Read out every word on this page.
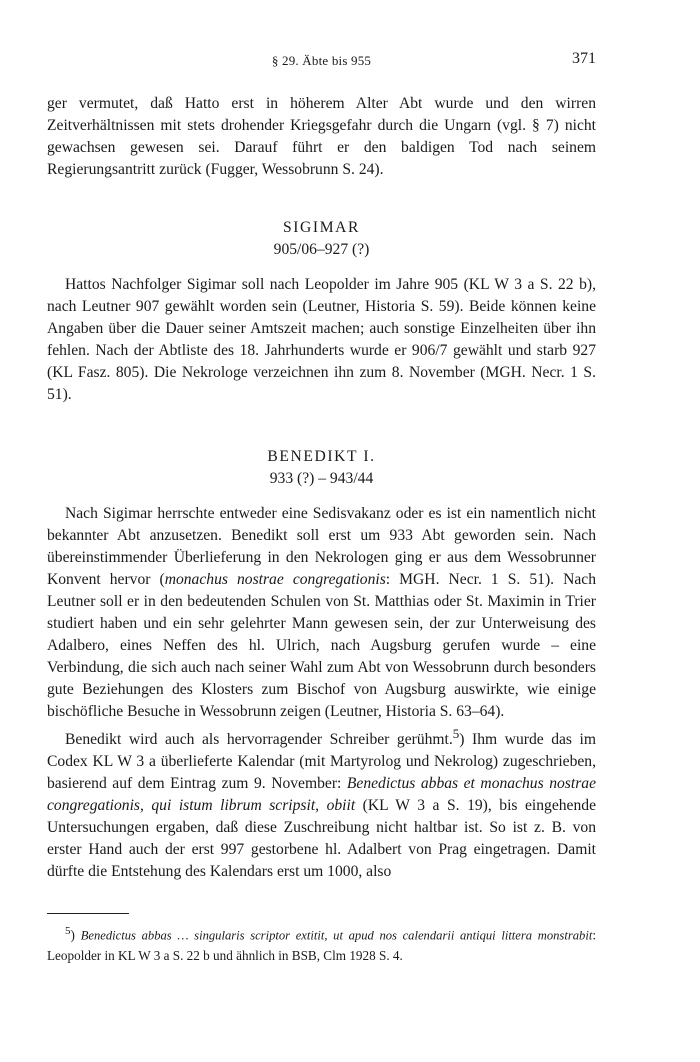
§ 29. Äbte bis 955	371

ger vermutet, daß Hatto erst in höherem Alter Abt wurde und den wirren Zeitverhältnissen mit stets drohender Kriegsgefahr durch die Ungarn (vgl. § 7) nicht gewachsen gewesen sei. Darauf führt er den baldigen Tod nach seinem Regierungsantritt zurück (Fugger, Wessobrunn S. 24).

SIGIMAR
905/06–927 (?)

Hattos Nachfolger Sigimar soll nach Leopolder im Jahre 905 (KL W 3 a S. 22 b), nach Leutner 907 gewählt worden sein (Leutner, Historia S. 59). Beide können keine Angaben über die Dauer seiner Amtszeit machen; auch sonstige Einzelheiten über ihn fehlen. Nach der Abtliste des 18. Jahrhunderts wurde er 906/7 gewählt und starb 927 (KL Fasz. 805). Die Nekrologe verzeichnen ihn zum 8. November (MGH. Necr. 1 S. 51).

BENEDIKT I.
933 (?) – 943/44

Nach Sigimar herrschte entweder eine Sedisvakanz oder es ist ein namentlich nicht bekannter Abt anzusetzen. Benedikt soll erst um 933 Abt geworden sein. Nach übereinstimmender Überlieferung in den Nekrologen ging er aus dem Wessobrunner Konvent hervor (monachus nostrae congregationis: MGH. Necr. 1 S. 51). Nach Leutner soll er in den bedeutenden Schulen von St. Matthias oder St. Maximin in Trier studiert haben und ein sehr gelehrter Mann gewesen sein, der zur Unterweisung des Adalbero, eines Neffen des hl. Ulrich, nach Augsburg gerufen wurde – eine Verbindung, die sich auch nach seiner Wahl zum Abt von Wessobrunn durch besonders gute Beziehungen des Klosters zum Bischof von Augsburg auswirkte, wie einige bischöfliche Besuche in Wessobrunn zeigen (Leutner, Historia S. 63–64).

Benedikt wird auch als hervorragender Schreiber gerühmt.$^5$) Ihm wurde das im Codex KL W 3 a überlieferte Kalendar (mit Martyrolog und Nekrolog) zugeschrieben, basierend auf dem Eintrag zum 9. November: Benedictus abbas et monachus nostrae congregationis, qui istum librum scripsit, obiit (KL W 3 a S. 19), bis eingehende Untersuchungen ergaben, daß diese Zuschreibung nicht haltbar ist. So ist z. B. von erster Hand auch der erst 997 gestorbene hl. Adalbert von Prag eingetragen. Damit dürfte die Entstehung des Kalendars erst um 1000, also

$^5$) Benedictus abbas … singularis scriptor extitit, ut apud nos calendarii antiqui littera monstrabit: Leopolder in KL W 3 a S. 22 b und ähnlich in BSB, Clm 1928 S. 4.
